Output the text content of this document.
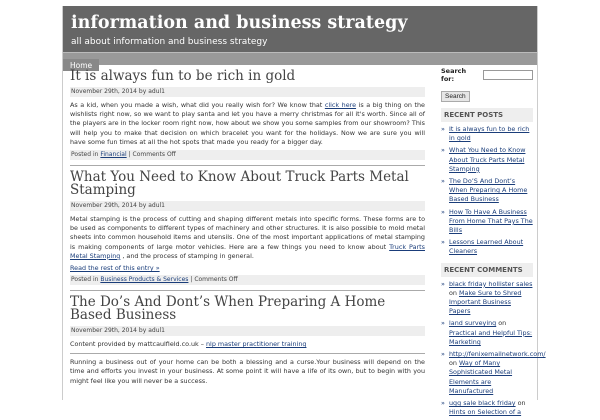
information and business strategy
all about information and business strategy
Home
It is always fun to be rich in gold
November 29th, 2014 by adul1
As a kid, when you made a wish, what did you really wish for? We know that click here is a big thing on the wishlists right now, so we want to play santa and let you have a merry christmas for all it's worth. Since all of the players are in the locker room right now, how about we show you some samples from our showroom? This will help you to make that decision on which bracelet you want for the holidays. Now we are sure you will have some fun times at all the hot spots that made you ready for a bigger day.
Posted in Financial | Comments Off
What You Need to Know About Truck Parts Metal Stamping
November 29th, 2014 by adul1
Metal stamping is the process of cutting and shaping different metals into specific forms. These forms are to be used as components to different types of machinery and other structures. It is also possible to mold metal sheets into common household items and utensils. One of the most important applications of metal stamping is making components of large motor vehicles. Here are a few things you need to know about Truck Parts Metal Stamping , and the process of stamping in general.
Read the rest of this entry »
Posted in Business Products & Services | Comments Off
The Do’s And Dont’s When Preparing A Home Based Business
November 29th, 2014 by adul1
Content provided by mattcaulfield.co.uk – nlp master practitioner training
Running a business out of your home can be both a blessing and a curse.Your business will depend on the time and efforts you invest in your business. At some point it will have a life of its own, but to begin with you might feel like you will never be a success.
Search for:
Search
RECENT POSTS
» It is always fun to be rich in gold
» What You Need to Know About Truck Parts Metal Stamping
» The Do’S And Dont’s When Preparing A Home Based Business
» How To Have A Business From Home That Pays The Bills
» Lessons Learned About Cleaners
RECENT COMMENTS
» black friday hollister sales on Make Sure to Shred Important Business Papers
» land surveying on Practical and Helpful Tips: Marketing
» http://fenixemailnetwork.com/ on Way of Many Sophisticated Metal Elements are Manufactured
» ugg sale black friday on Hints on Selection of a
